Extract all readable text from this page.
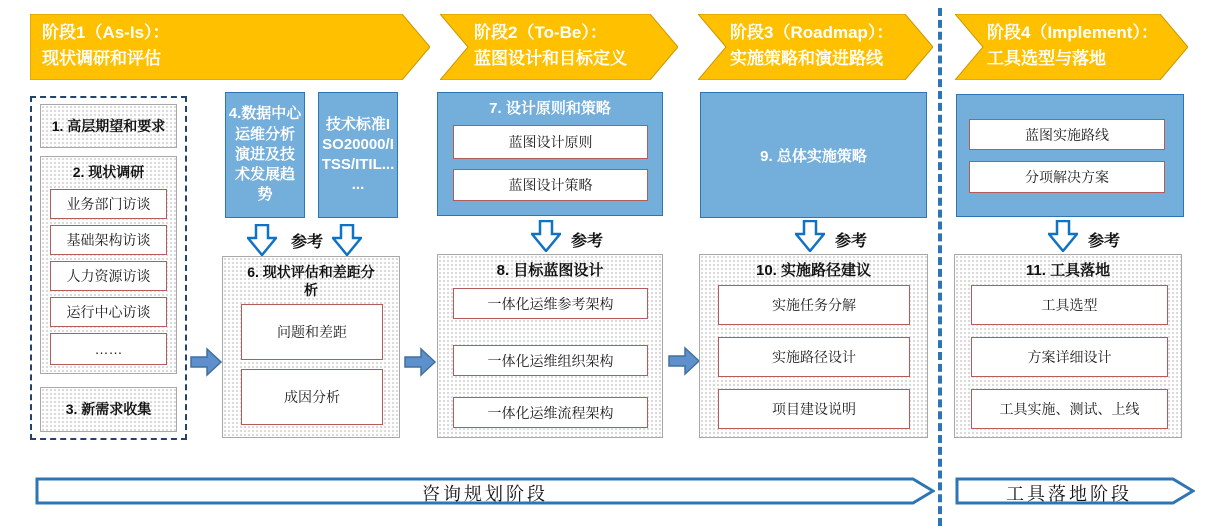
阶段1（As-Is）：
现状调研和评估
阶段2（To-Be）：
蓝图设计和目标定义
阶段3（Roadmap）：
实施策略和演进路线
阶段4（Implement）：
工具选型与落地
1. 高层期望和要求
2. 现状调研
业务部门访谈
基础架构访谈
人力资源访谈
运行中心访谈
……
3. 新需求收集
4.数据中心运维分析演进及技术发展趋势
技术标准ISO20000/ITSS/ITIL... ...
参考
6. 现状评估和差距分析
问题和差距
成因分析
7. 设计原则和策略
蓝图设计原则
蓝图设计策略
参考
8. 目标蓝图设计
一体化运维参考架构
一体化运维组织架构
一体化运维流程架构
9. 总体实施策略
参考
10. 实施路径建议
实施任务分解
实施路径设计
项目建设说明
蓝图实施路线
分项解决方案
参考
11. 工具落地
工具选型
方案详细设计
工具实施、测试、上线
咨询规划阶段	工具落地阶段
